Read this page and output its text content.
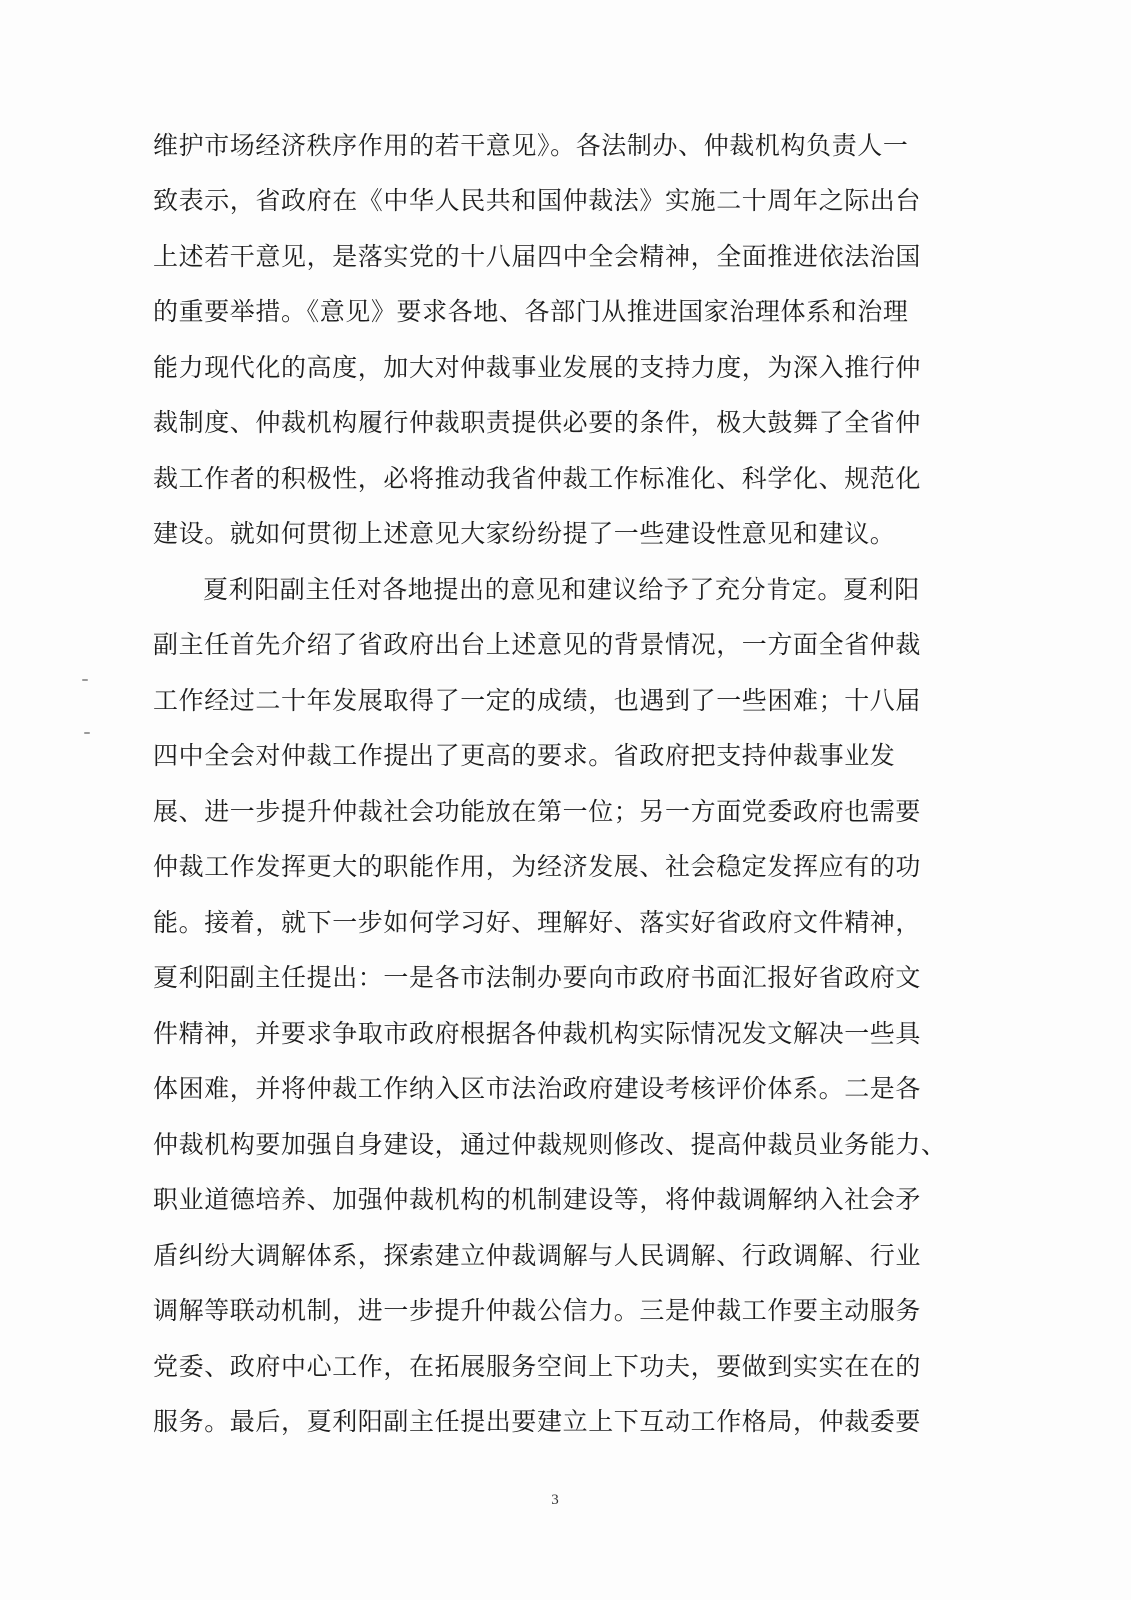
维护市场经济秩序作用的若干意见》。各法制办、仲裁机构负责人一
致表示，省政府在《中华人民共和国仲裁法》实施二十周年之际出台
上述若干意见，是落实党的十八届四中全会精神，全面推进依法治国
的重要举措。《意见》要求各地、各部门从推进国家治理体系和治理
能力现代化的高度，加大对仲裁事业发展的支持力度，为深入推行仲
裁制度、仲裁机构履行仲裁职责提供必要的条件，极大鼓舞了全省仲
裁工作者的积极性，必将推动我省仲裁工作标准化、科学化、规范化
建设。就如何贯彻上述意见大家纷纷提了一些建设性意见和建议。
夏利阳副主任对各地提出的意见和建议给予了充分肯定。夏利阳
副主任首先介绍了省政府出台上述意见的背景情况，一方面全省仲裁
工作经过二十年发展取得了一定的成绩，也遇到了一些困难；十八届
四中全会对仲裁工作提出了更高的要求。省政府把支持仲裁事业发
展、进一步提升仲裁社会功能放在第一位；另一方面党委政府也需要
仲裁工作发挥更大的职能作用，为经济发展、社会稳定发挥应有的功
能。接着，就下一步如何学习好、理解好、落实好省政府文件精神，
夏利阳副主任提出：一是各市法制办要向市政府书面汇报好省政府文
件精神，并要求争取市政府根据各仲裁机构实际情况发文解决一些具
体困难，并将仲裁工作纳入区市法治政府建设考核评价体系。二是各
仲裁机构要加强自身建设，通过仲裁规则修改、提高仲裁员业务能力、
职业道德培养、加强仲裁机构的机制建设等，将仲裁调解纳入社会矛
盾纠纷大调解体系，探索建立仲裁调解与人民调解、行政调解、行业
调解等联动机制，进一步提升仲裁公信力。三是仲裁工作要主动服务
党委、政府中心工作，在拓展服务空间上下功夫，要做到实实在在的
服务。最后，夏利阳副主任提出要建立上下互动工作格局，仲裁委要
3
